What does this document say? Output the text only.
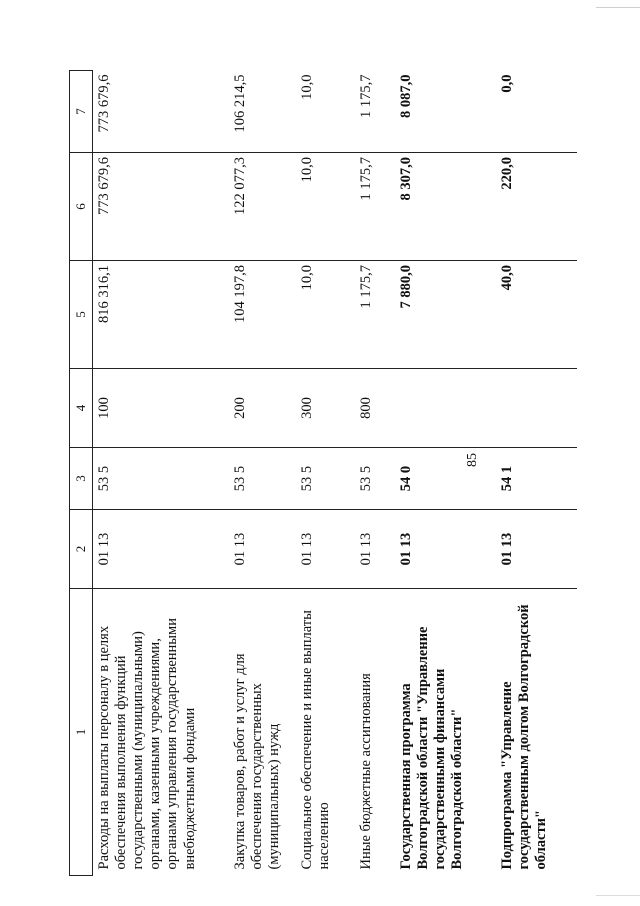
85
1	2	3	4	5	6	7
Расходы на выплаты персоналу в целях обеспечения выполнения функций государственными (муниципальными) органами, казенными учреждениями, органами управления государственными внебюджетными фондами	01 13	53 5	100	816 316,1	773 679,6	773 679,6
Закупка товаров, работ и услуг для обеспечения государственных (муниципальных) нужд	01 13	53 5	200	104 197,8	122 077,3	106 214,5
Социальное обеспечение и иные выплаты населению	01 13	53 5	300	10,0	10,0	10,0
Иные бюджетные ассигнования	01 13	53 5	800	1 175,7	1 175,7	1 175,7
Государственная программа Волгоградской области "Управление государственными финансами Волгоградской области"	01 13	54 0		7 880,0	8 307,0	8 087,0
Подпрограмма "Управление государственным долгом Волгоградской области"	01 13	54 1		40,0	220,0	0,0
